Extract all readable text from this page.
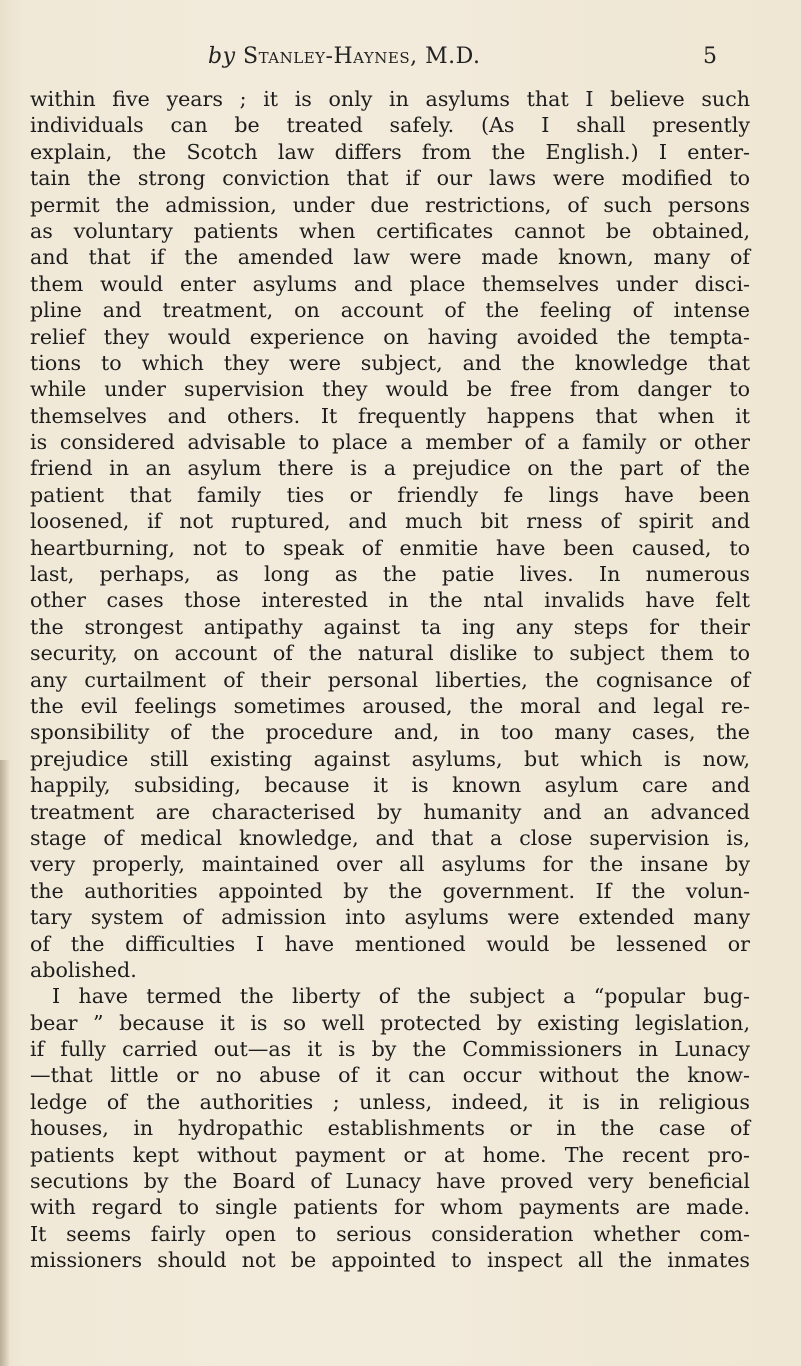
by Stanley-Haynes, M.D.	5
within five years ; it is only in asylums that I believe such
individuals can be treated safely. (As I shall presently
explain, the Scotch law differs from the English.) I enter-
tain the strong conviction that if our laws were modified to
permit the admission, under due restrictions, of such persons
as voluntary patients when certificates cannot be obtained,
and that if the amended law were made known, many of
them would enter asylums and place themselves under disci-
pline and treatment, on account of the feeling of intense
relief they would experience on having avoided the tempta-
tions to which they were subject, and the knowledge that
while under supervision they would be free from danger to
themselves and others. It frequently happens that when it
is considered advisable to place a member of a family or other
friend in an asylum there is a prejudice on the part of the
patient that family ties or friendly fe lings have been
loosened, if not ruptured, and much bit rness of spirit and
heartburning, not to speak of enmitie have been caused, to
last, perhaps, as long as the patie lives. In numerous
other cases those interested in the ntal invalids have felt
the strongest antipathy against ta ing any steps for their
security, on account of the natural dislike to subject them to
any curtailment of their personal liberties, the cognisance of
the evil feelings sometimes aroused, the moral and legal re-
sponsibility of the procedure and, in too many cases, the
prejudice still existing against asylums, but which is now,
happily, subsiding, because it is known asylum care and
treatment are characterised by humanity and an advanced
stage of medical knowledge, and that a close supervision is,
very properly, maintained over all asylums for the insane by
the authorities appointed by the government. If the volun-
tary system of admission into asylums were extended many
of the difficulties I have mentioned would be lessened or
abolished.
I have termed the liberty of the subject a “popular bug-
bear ” because it is so well protected by existing legislation,
if fully carried out—as it is by the Commissioners in Lunacy
—that little or no abuse of it can occur without the know-
ledge of the authorities ; unless, indeed, it is in religious
houses, in hydropathic establishments or in the case of
patients kept without payment or at home. The recent pro-
secutions by the Board of Lunacy have proved very beneficial
with regard to single patients for whom payments are made.
It seems fairly open to serious consideration whether com-
missioners should not be appointed to inspect all the inmates
